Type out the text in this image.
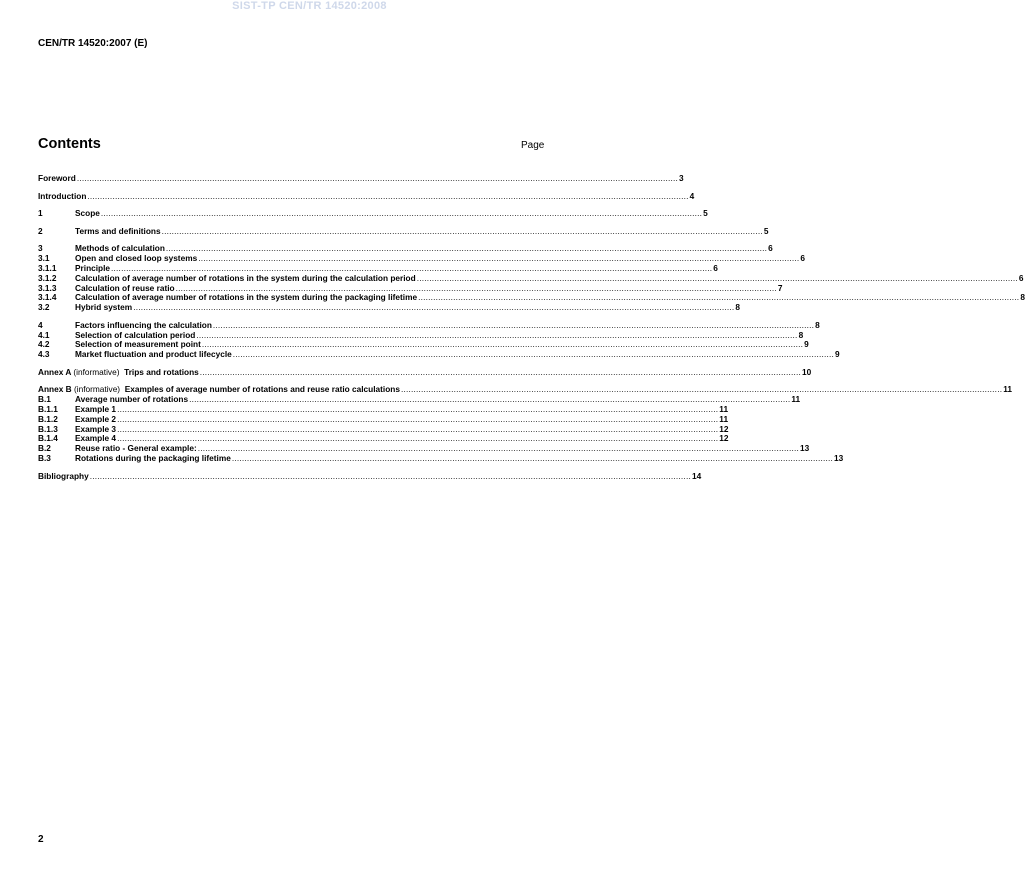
SIST-TP CEN/TR 14520:2008
CEN/TR 14520:2007 (E)
Contents	Page
Foreword .....	3
Introduction .....	4
1	Scope .....	5
2	Terms and definitions .....	5
3	Methods of calculation .....	6
3.1	Open and closed loop systems .....	6
3.1.1	Principle .....	6
3.1.2	Calculation of average number of rotations in the system during the calculation period .....	6
3.1.3	Calculation of reuse ratio .....	7
3.1.4	Calculation of average number of rotations in the system during the packaging lifetime .....	8
3.2	Hybrid system .....	8
4	Factors influencing the calculation .....	8
4.1	Selection of calculation period .....	8
4.2	Selection of measurement point .....	9
4.3	Market fluctuation and product lifecycle .....	9
Annex A (informative) Trips and rotations .....	10
Annex B (informative) Examples of average number of rotations and reuse ratio calculations .....	11
B.1	Average number of rotations .....	11
B.1.1	Example 1 .....	11
B.1.2	Example 2 .....	11
B.1.3	Example 3 .....	12
B.1.4	Example 4 .....	12
B.2	Reuse ratio - General example: .....	13
B.3	Rotations during the packaging lifetime .....	13
Bibliography .....	14
2
